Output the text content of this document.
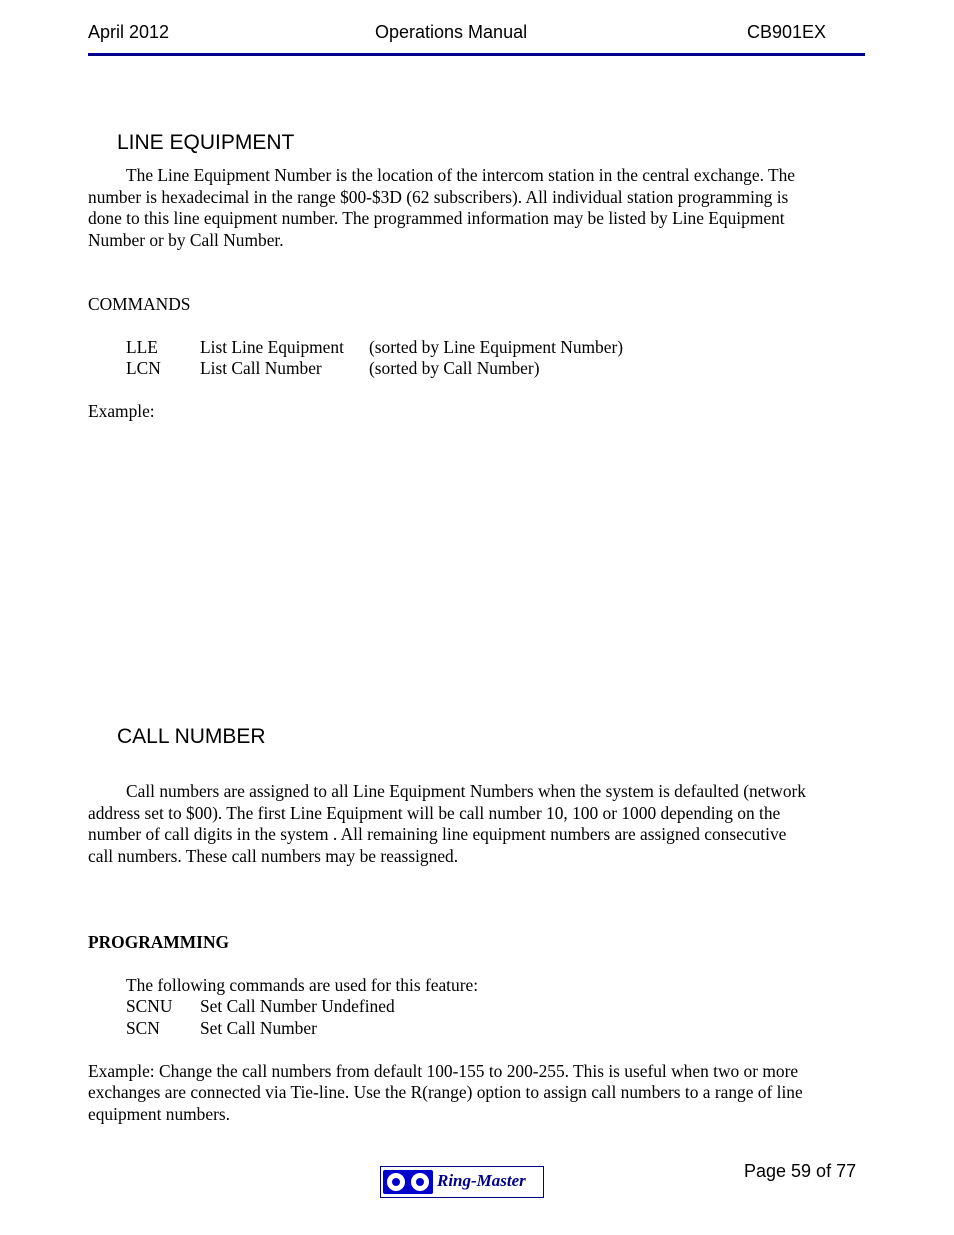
April 2012	Operations Manual	CB901EX
LINE EQUIPMENT
The Line Equipment Number is the location of the intercom station in the central exchange. The
number is hexadecimal in the range $00-$3D (62 subscribers). All individual station programming is
done to this line equipment number. The programmed information may be listed by Line Equipment
Number or by Call Number.
COMMANDS
LLE List Line Equipment (sorted by Line Equipment Number)
LCN List Call Number	(sorted by Call Number)
Example:
CALL NUMBER
Call numbers are assigned to all Line Equipment Numbers when the system is defaulted (network
address set to $00). The first Line Equipment will be call number 10, 100 or 1000 depending on the
number of call digits in the system . All remaining line equipment numbers are assigned consecutive
call numbers. These call numbers may be reassigned.
PROGRAMMING
The following commands are used for this feature:
SCNU Set Call Number Undefined
SCN Set Call Number
Example: Change the call numbers from default 100-155 to 200-255. This is useful when two or more
exchanges are connected via Tie-line. Use the R(range) option to assign call numbers to a range of line
equipment numbers.
Ring-Master	Page 59 of 77
